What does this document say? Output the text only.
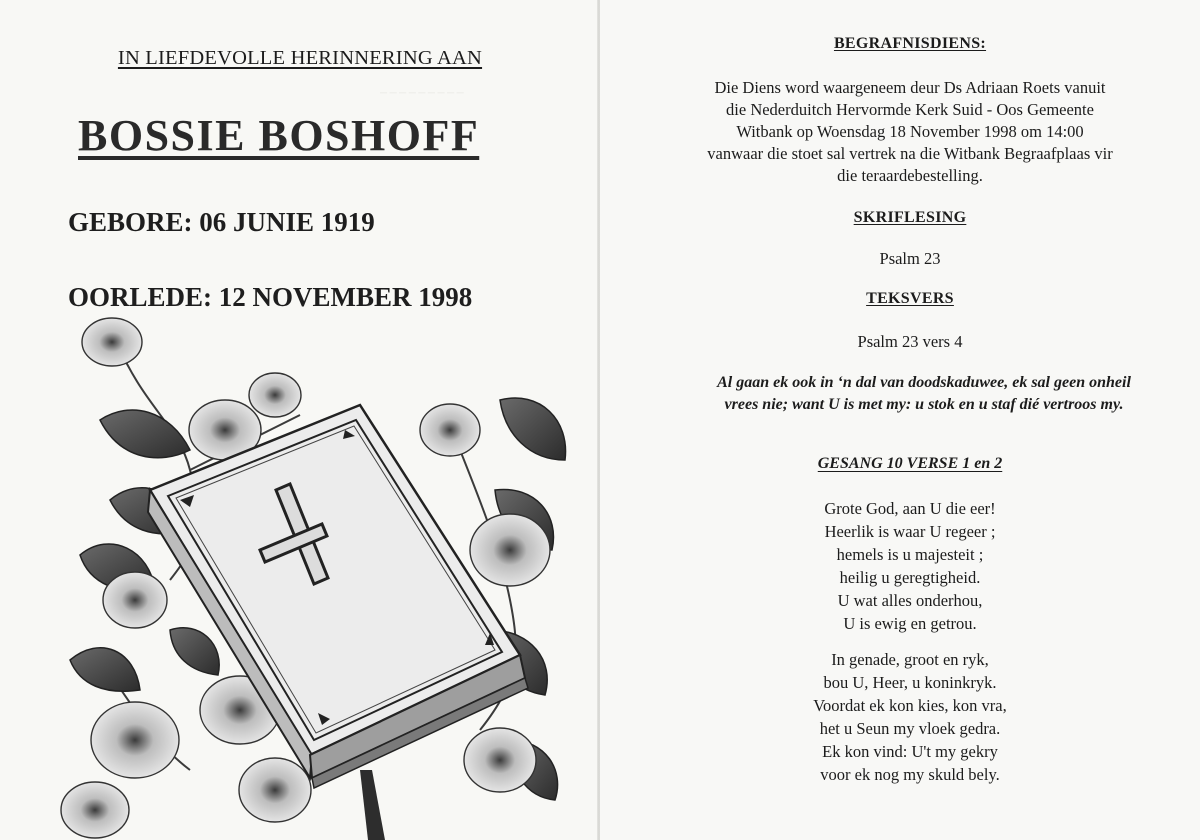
IN LIEFDEVOLLE HERINNERING AAN
BOSSIE BOSHOFF

GEBORE: 06 JUNIE 1919

OORLEDE: 12 NOVEMBER 1998

─ ─ ─ ─ ─ ─ ─ ─ ─
BEGRAFNISDIENS:
Die Diens word waargeneem deur Ds Adriaan Roets vanuit
die Nederduitch Hervormde Kerk Suid - Oos Gemeente
Witbank op Woensdag 18 November 1998 om 14:00
vanwaar die stoet sal vertrek na die Witbank Begraafplaas vir
die teraardebestelling.
SKRIFLESING
Psalm 23
TEKSVERS
Psalm 23 vers 4
Al gaan ek ook in ‘n dal van doodskaduwee, ek sal geen onheil
vrees nie; want U is met my: u stok en u staf dié vertroos my.
GESANG 10 VERSE 1 en 2
Grote God, aan U die eer!
Heerlik is waar U regeer ;
hemels is u majesteit ;
heilig u geregtigheid.
U wat alles onderhou,
U is ewig en getrou.
In genade, groot en ryk,
bou U, Heer, u koninkryk.
Voordat ek kon kies, kon vra,
het u Seun my vloek gedra.
Ek kon vind: U't my gekry
voor ek nog my skuld bely.
